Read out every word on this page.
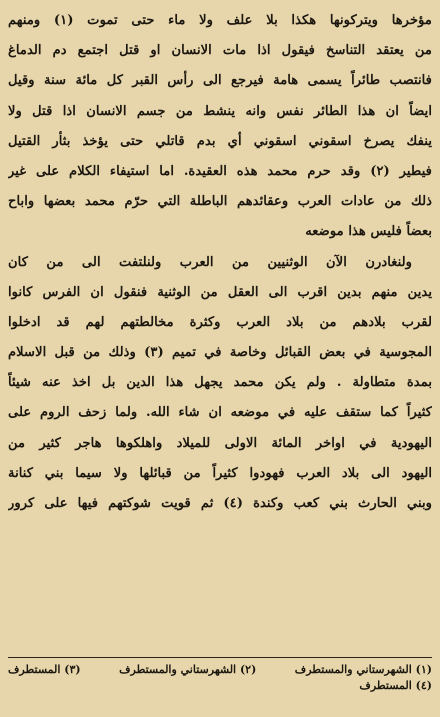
مؤخرها ويتركونها هكذا بلا علف ولا ماء حتى تموت (١) ومنهم
من يعتقد التناسخ فيقول اذا مات الانسان او قتل اجتمع دم الدماغ
فانتصب طائراً يسمى هامة فيرجع الى رأس القبر كل مائة سنة وقيل
ايضاً ان هذا الطائر نفس وانه ينشط من جسم الانسان اذا قتل ولا
ينفك يصرخ اسقوني اسقوني أي بدم قاتلي حتى يؤخذ بثأر القتيل
فيطير (٢) وقد حرم محمد هذه العقيدة. اما استيفاء الكلام على غير
ذلك من عادات العرب وعقائدهم الباطلة التي حرّم محمد بعضها واباح
بعضاً فليس هذا موضعه
ولنغادرن الآن الوثنيين من العرب ولنلتفت الى من كان
يدين منهم بدين اقرب الى العقل من الوثنية فنقول ان الفرس كانوا
لقرب بلادهم من بلاد العرب وكثرة مخالطتهم لهم قد ادخلوا
المجوسية في بعض القبائل وخاصة في تميم (٣) وذلك من قبل الاسلام
بمدة متطاولة . ولم يكن محمد يجهل هذا الدين بل اخذ عنه شيئاً
كثيراً كما ستقف عليه في موضعه ان شاء الله. ولما زحف الروم على
اليهودية في اواخر المائة الاولى للميلاد واهلكوها هاجر كثير من
اليهود الى بلاد العرب فهودوا كثيراً من قبائلها ولا سيما بني كنانة
وبني الحارث بني كعب وكندة (٤) ثم قويت شوكتهم فيها على كرور
(١) الشهرستاني والمستطرف
(٢) الشهرستاني والمستطرف
(٣) المستطرف
(٤) المستطرف
